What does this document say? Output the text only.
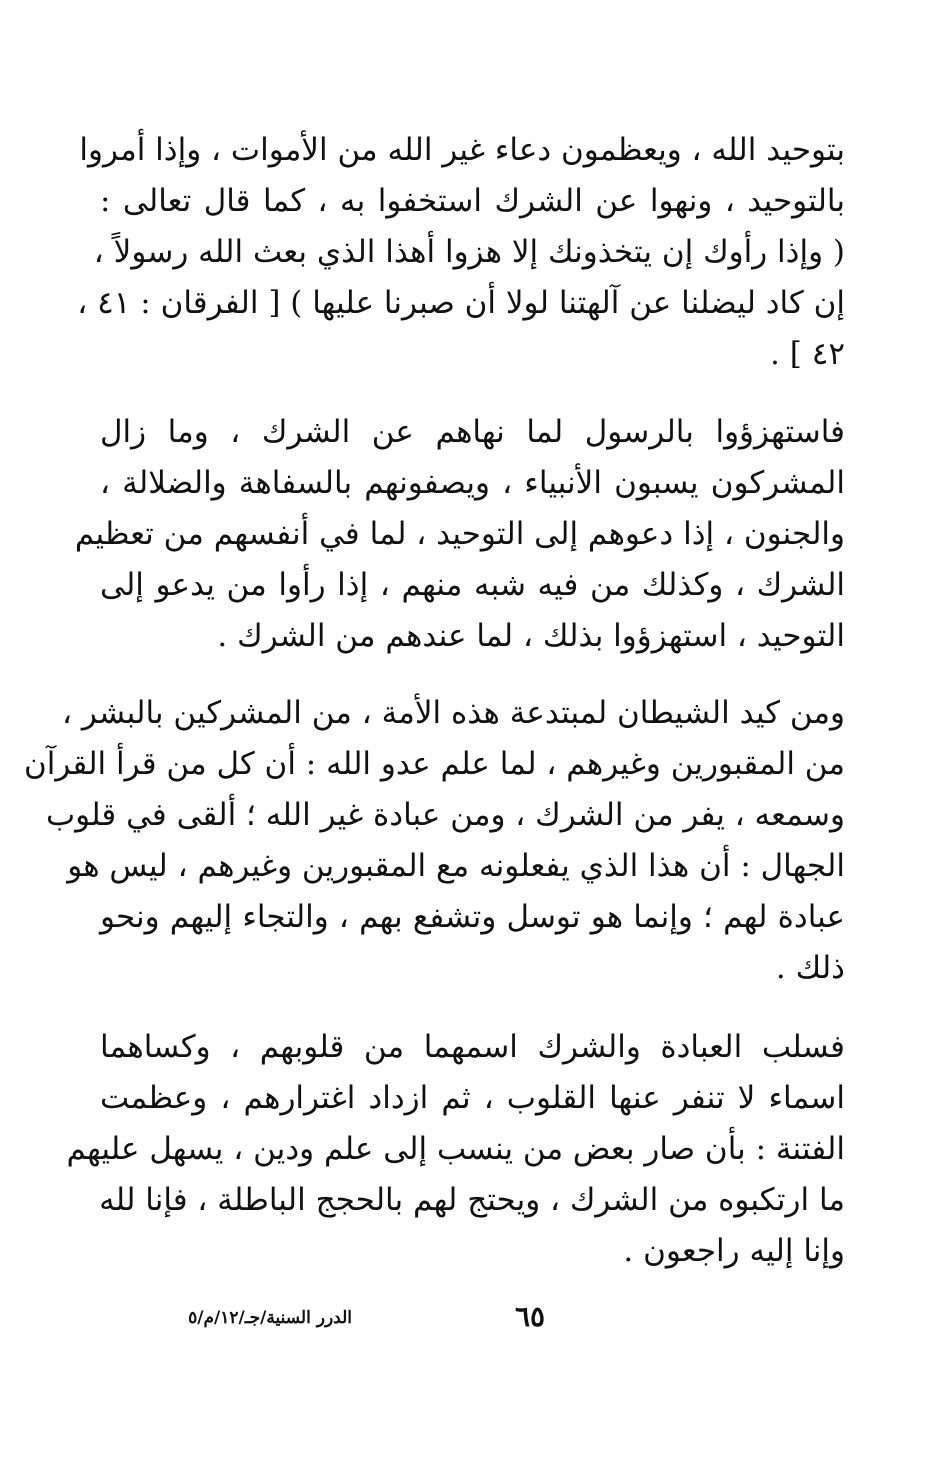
بتوحيد الله ، ويعظمون دعاء غير الله من الأموات ، وإذا أمروا
بالتوحيد ، ونهوا عن الشرك استخفوا به ، كما قال تعالى :
( وإذا رأوك إن يتخذونك إلا هزوا أهذا الذي بعث الله رسولاً ،
إن كاد ليضلنا عن آلهتنا لولا أن صبرنا عليها ) [ الفرقان : ٤١ ،
٤٢ ] .
فاستهزؤوا بالرسول لما نهاهم عن الشرك ، وما زال
المشركون يسبون الأنبياء ، ويصفونهم بالسفاهة والضلالة ،
والجنون ، إذا دعوهم إلى التوحيد ، لما في أنفسهم من تعظيم
الشرك ، وكذلك من فيه شبه منهم ، إذا رأوا من يدعو إلى
التوحيد ، استهزؤوا بذلك ، لما عندهم من الشرك .
ومن كيد الشيطان لمبتدعة هذه الأمة ، من المشركين بالبشر ،
من المقبورين وغيرهم ، لما علم عدو الله : أن كل من قرأ القرآن
وسمعه ، يفر من الشرك ، ومن عبادة غير الله ؛ ألقى في قلوب
الجهال : أن هذا الذي يفعلونه مع المقبورين وغيرهم ، ليس هو
عبادة لهم ؛ وإنما هو توسل وتشفع بهم ، والتجاء إليهم ونحو
ذلك .
فسلب العبادة والشرك اسمهما من قلوبهم ، وكساهما
اسماء لا تنفر عنها القلوب ، ثم ازداد اغترارهم ، وعظمت
الفتنة : بأن صار بعض من ينسب إلى علم ودين ، يسهل عليهم
ما ارتكبوه من الشرك ، ويحتج لهم بالحجج الباطلة ، فإنا لله
وإنا إليه راجعون .
الدرر السنية/جـ/١٢/م/٥	٦٥
